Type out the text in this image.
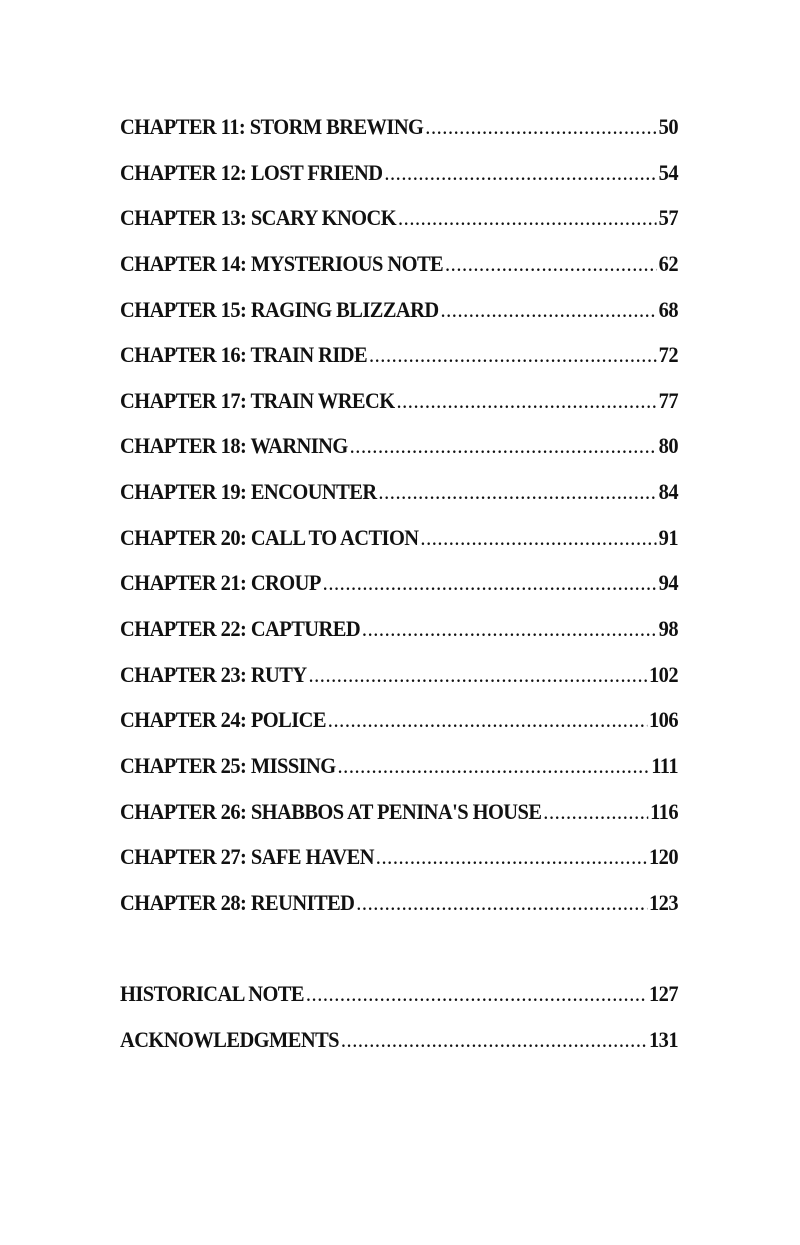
CHAPTER 11: STORM BREWING .....	50
CHAPTER 12: LOST FRIEND .....	54
CHAPTER 13: SCARY KNOCK .....	57
CHAPTER 14: MYSTERIOUS NOTE .....	62
CHAPTER 15: RAGING BLIZZARD .....	68
CHAPTER 16: TRAIN RIDE .....	72
CHAPTER 17: TRAIN WRECK .....	77
CHAPTER 18: WARNING .....	80
CHAPTER 19: ENCOUNTER .....	84
CHAPTER 20: CALL TO ACTION .....	91
CHAPTER 21: CROUP .....	94
CHAPTER 22: CAPTURED .....	98
CHAPTER 23: RUTY .....	102
CHAPTER 24: POLICE .....	106
CHAPTER 25: MISSING .....	111
CHAPTER 26: SHABBOS AT PENINA'S HOUSE .....	116
CHAPTER 27: SAFE HAVEN .....	120
CHAPTER 28: REUNITED .....	123
HISTORICAL NOTE .....	127
ACKNOWLEDGMENTS .....	131
